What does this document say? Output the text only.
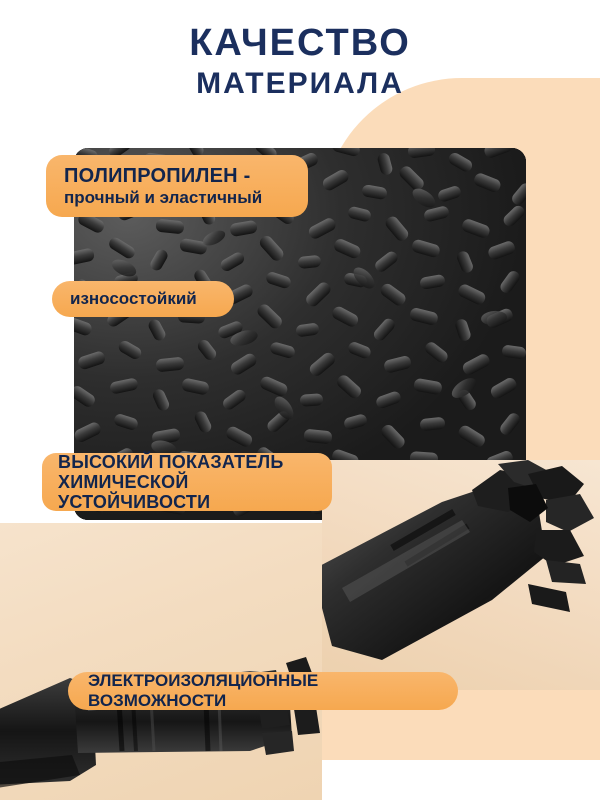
КАЧЕСТВО
МАТЕРИАЛА
ПОЛИПРОПИЛЕН -
прочный и эластичный
износостойкий
ВЫСОКИЙ ПОКАЗАТЕЛЬ
ХИМИЧЕСКОЙ УСТОЙЧИВОСТИ
ЭЛЕКТРОИЗОЛЯЦИОННЫЕ ВОЗМОЖНОСТИ
